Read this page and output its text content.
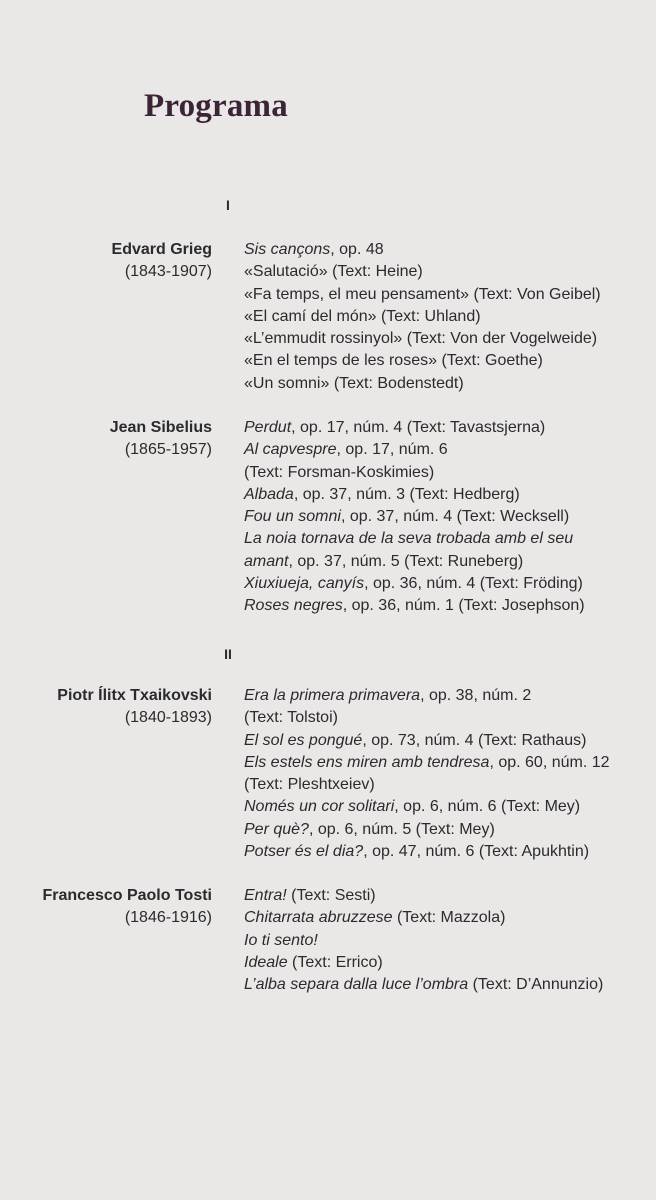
Programa
I
Edvard Grieg
(1843-1907)
Sis cançons, op. 48
«Salutació» (Text: Heine)
«Fa temps, el meu pensament» (Text: Von Geibel)
«El camí del món» (Text: Uhland)
«L’emmudit rossinyol» (Text: Von der Vogelweide)
«En el temps de les roses» (Text: Goethe)
«Un somni» (Text: Bodenstedt)
Jean Sibelius
(1865-1957)
Perdut, op. 17, núm. 4 (Text: Tavastsjerna)
Al capvespre, op. 17, núm. 6
(Text: Forsman-Koskimies)
Albada, op. 37, núm. 3 (Text: Hedberg)
Fou un somni, op. 37, núm. 4 (Text: Wecksell)
La noia tornava de la seva trobada amb el seu
amant, op. 37, núm. 5 (Text: Runeberg)
Xiuxiueja, canyís, op. 36, núm. 4 (Text: Fröding)
Roses negres, op. 36, núm. 1 (Text: Josephson)
II
Piotr Ílitx Txaikovski
(1840-1893)
Era la primera primavera, op. 38, núm. 2
(Text: Tolstoi)
El sol es pongué, op. 73, núm. 4 (Text: Rathaus)
Els estels ens miren amb tendresa, op. 60, núm. 12
(Text: Pleshtxeiev)
Només un cor solitari, op. 6, núm. 6 (Text: Mey)
Per què?, op. 6, núm. 5 (Text: Mey)
Potser és el dia?, op. 47, núm. 6 (Text: Apukhtin)
Francesco Paolo Tosti
(1846-1916)
Entra! (Text: Sesti)
Chitarrata abruzzese (Text: Mazzola)
Io ti sento!
Ideale (Text: Errico)
L’alba separa dalla luce l’ombra (Text: D’Annunzio)
